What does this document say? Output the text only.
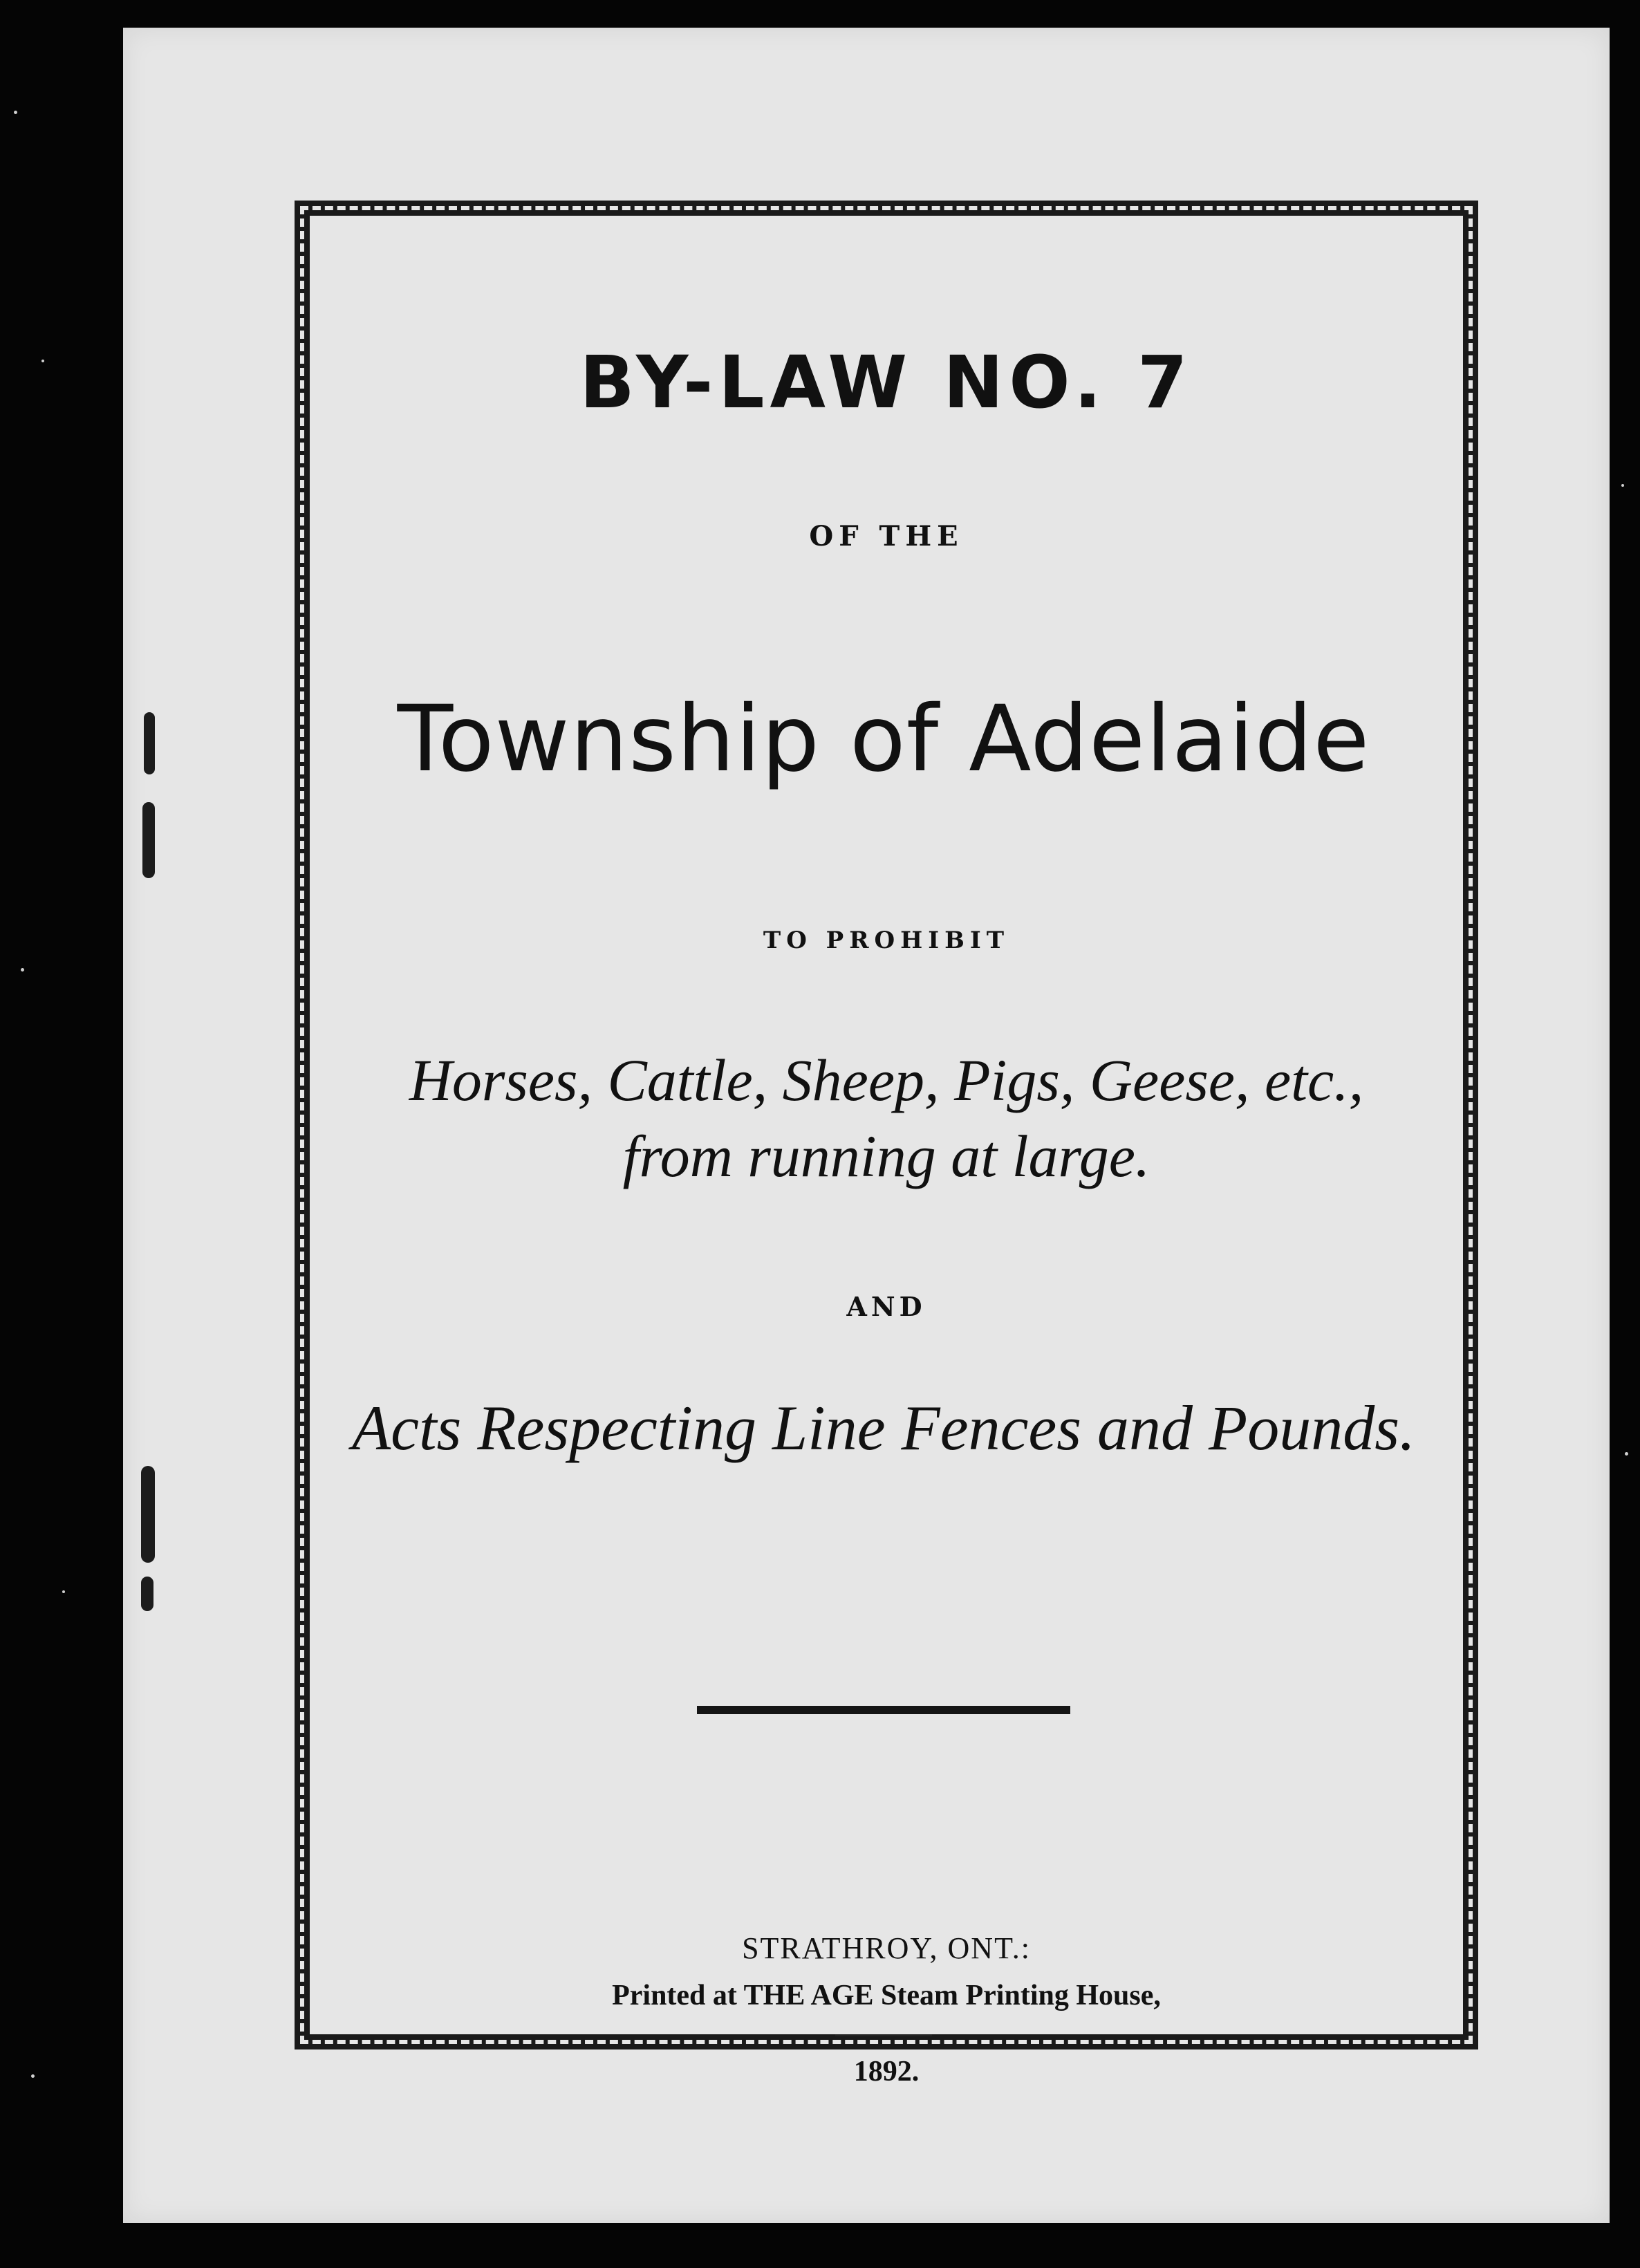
BY-LAW NO. 7
OF THE
Township of Adelaide
TO PROHIBIT
Horses, Cattle, Sheep, Pigs, Geese, etc.,
from running at large.
AND
Acts Respecting Line Fences and Pounds.
STRATHROY, ONT.:
Printed at THE AGE Steam Printing House,
1892.
